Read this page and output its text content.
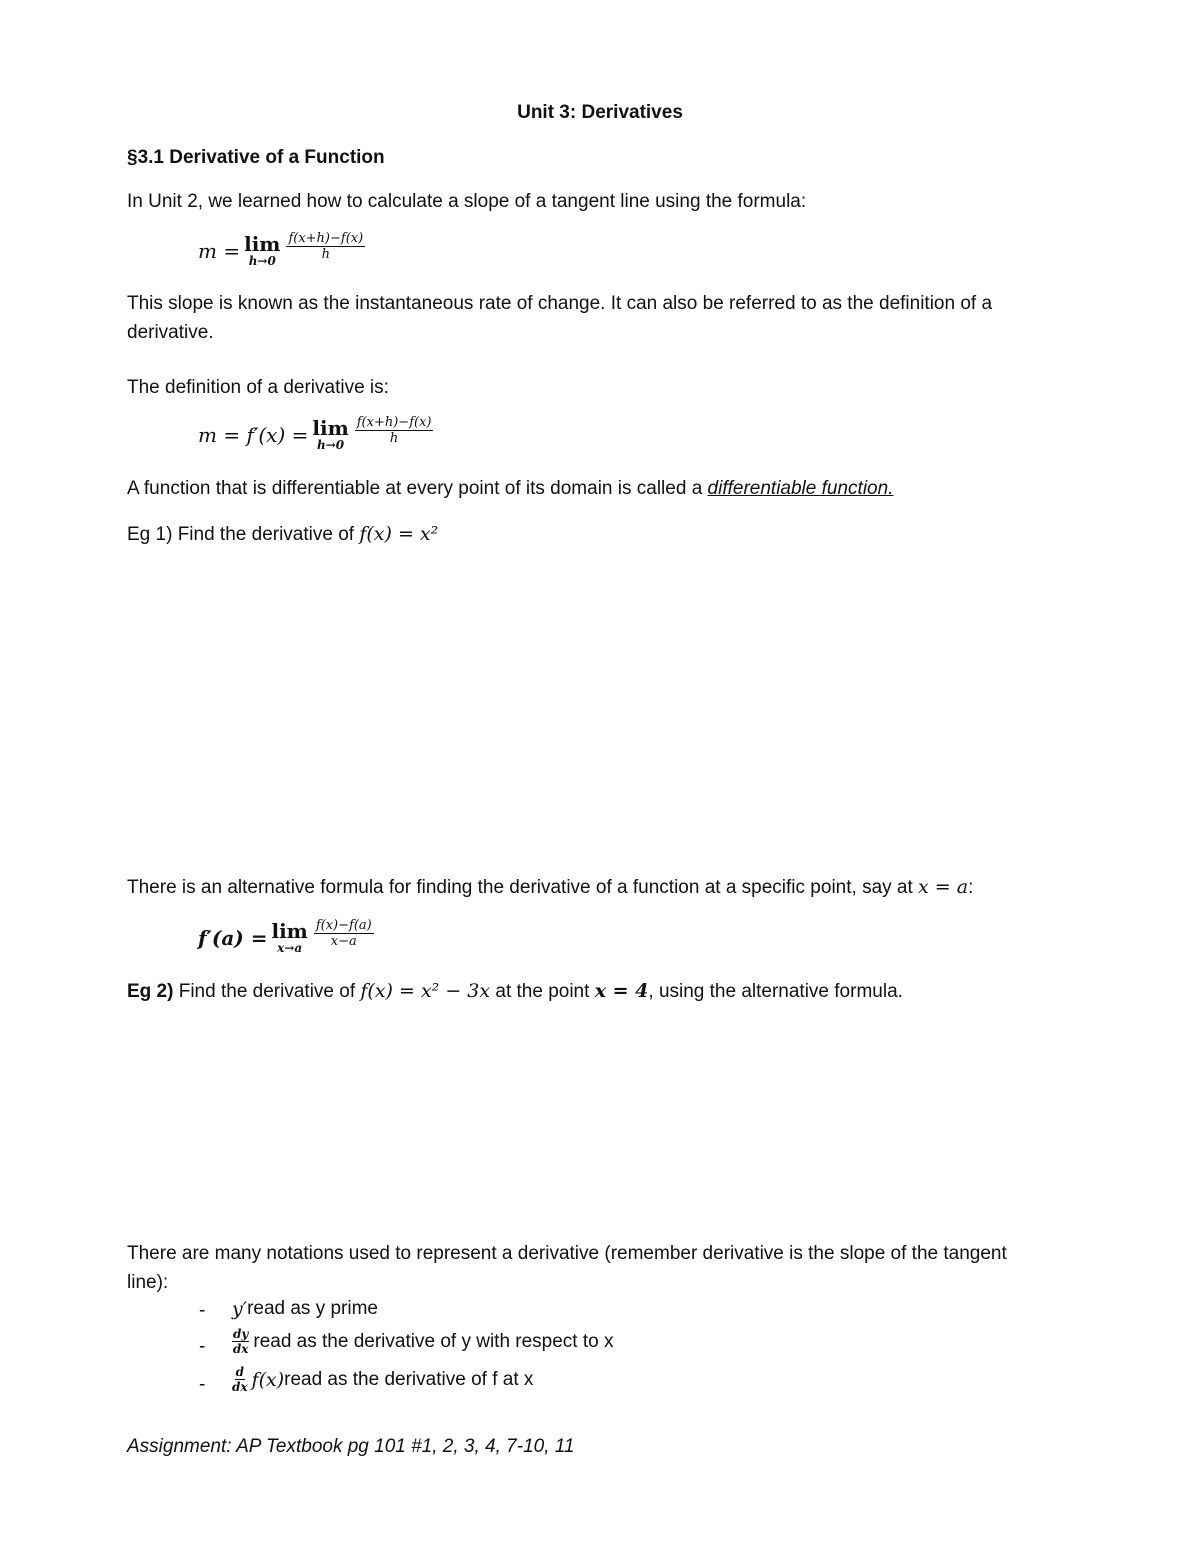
Unit 3: Derivatives
§3.1 Derivative of a Function
In Unit 2, we learned how to calculate a slope of a tangent line using the formula:
m = lim
$h\to 0 \frac{f(x+h)-f(x)}{h}$
This slope is known as the instantaneous rate of change. It can also be referred to as the definition of a
derivative.
The definition of a derivative is:
m = f′(x) = lim
$h\to 0 \frac{f(x+h)-f(x)}{h}$
A function that is differentiable at every point of its domain is called a differentiable function.
Eg 1) Find the derivative of f(x) = x²
There is an alternative formula for finding the derivative of a function at a specific point, say at x = a:
f′(a) = lim
$x\to a \frac{f(x)-f(a)}{x-a}$
Eg 2) Find the derivative of f(x) = x² − 3x at the point x = 4, using the alternative formula.
There are many notations used to represent a derivative (remember derivative is the slope of the tangent
line):
- y′ read as y prime
-
dy
dx read as the derivative of y with respect to x
-
d
dx f(x) read as the derivative of f at x
Assignment: AP Textbook pg 101 #1, 2, 3, 4, 7-10, 11
